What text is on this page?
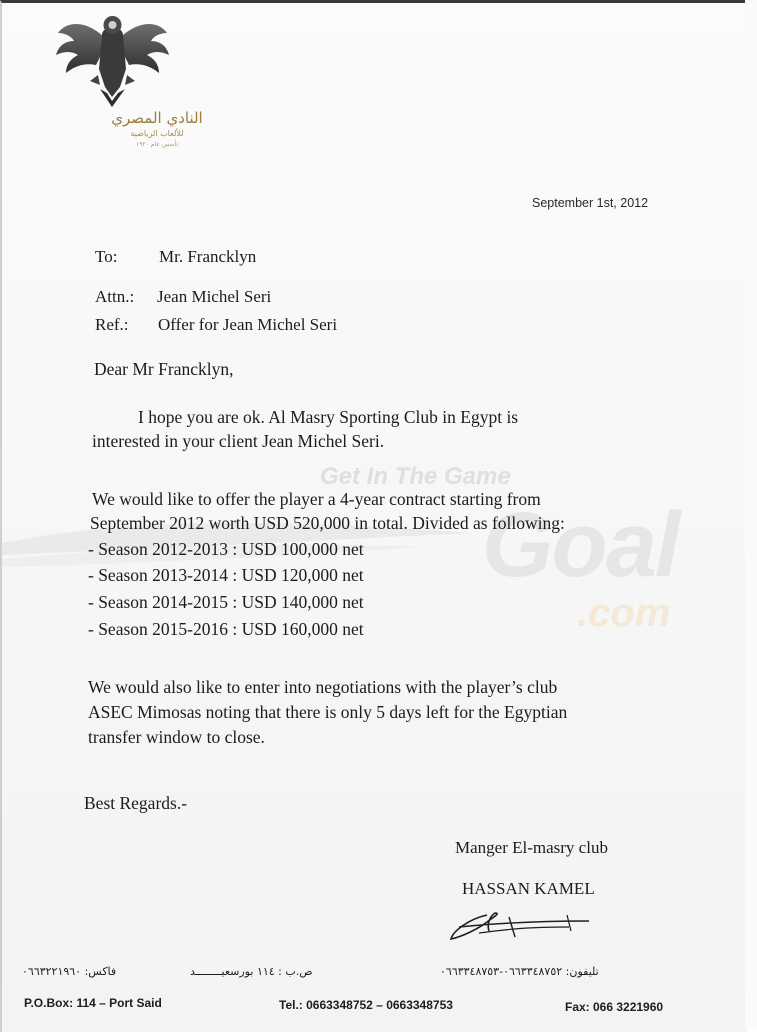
النادي المصري
للألعاب الرياضية
تأسس عام ١٩٢٠
Get In The Game
Goal
.com
September 1st, 2012
To: Mr. Francklyn
Attn.: Jean Michel Seri
Ref.: Offer for Jean Michel Seri
Dear Mr Francklyn,
I hope you are ok. Al Masry Sporting Club in Egypt is
interested in your client Jean Michel Seri.
We would like to offer the player a 4-year contract starting from
September 2012 worth USD 520,000 in total. Divided as following:
- Season 2012-2013 : USD 100,000 net
- Season 2013-2014 : USD 120,000 net
- Season 2014-2015 : USD 140,000 net
- Season 2015-2016 : USD 160,000 net
We would also like to enter into negotiations with the player’s club
ASEC Mimosas noting that there is only 5 days left for the Egyptian
transfer window to close.
Best Regards.-
Manger El-masry club
HASSAN KAMEL
فاكس: ٠٦٦٣٢٢١٩٦٠	ص.ب : ١١٤ بورسعيــــــــد	تليفون: ٠٦٦٣٣٤٨٧٥٢-٠٦٦٣٣٤٨٧٥٣
P.O.Box: 114 – Port Said	Tel.: 0663348752 – 0663348753	Fax: 066 3221960
